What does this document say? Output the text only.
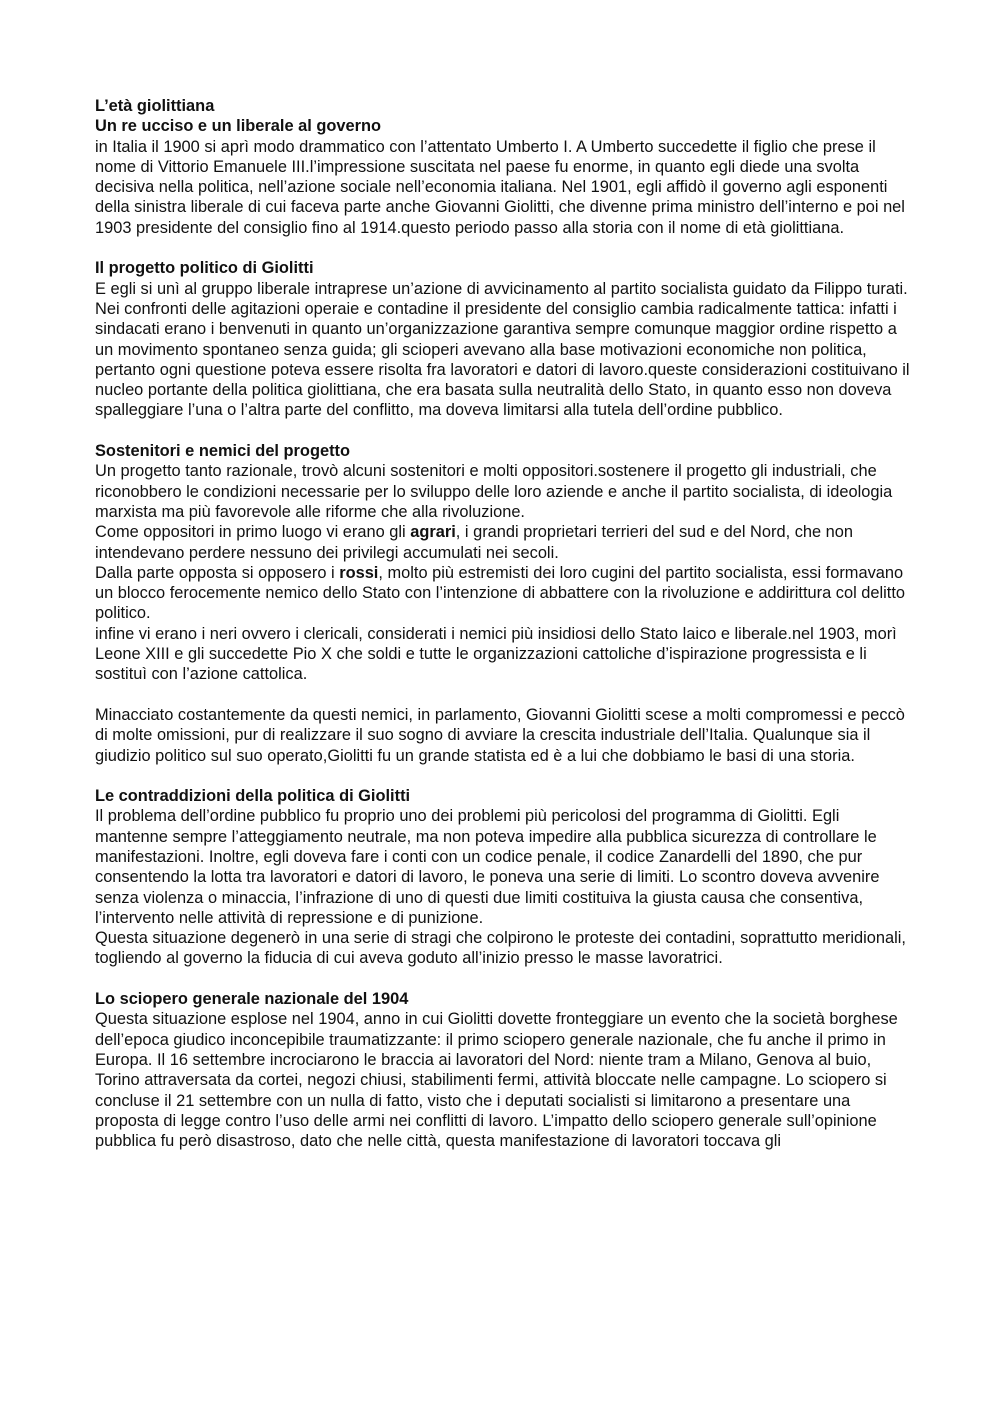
L’età giolittiana

Un re ucciso e un liberale al governo

in Italia il 1900 si aprì modo drammatico con l’attentato Umberto I. A Umberto succedette il figlio che prese il nome di Vittorio Emanuele III.l’impressione suscitata nel paese fu enorme, in quanto egli diede una svolta decisiva nella politica, nell’azione sociale nell’economia italiana. Nel 1901, egli affidò il governo agli esponenti della sinistra liberale di cui faceva parte anche Giovanni Giolitti, che divenne prima ministro dell’interno e poi nel 1903 presidente del consiglio fino al 1914.questo periodo passo alla storia con il nome di età giolittiana.

Il progetto politico di Giolitti

E egli si unì al gruppo liberale intraprese un’azione di avvicinamento al partito socialista guidato da Filippo turati. Nei confronti delle agitazioni operaie e contadine il presidente del consiglio cambia radicalmente tattica: infatti i sindacati erano i benvenuti in quanto un’organizzazione garantiva sempre comunque maggior ordine rispetto a un movimento spontaneo senza guida; gli scioperi avevano alla base motivazioni economiche non politica, pertanto ogni questione poteva essere risolta fra lavoratori e datori di lavoro.queste considerazioni costituivano il nucleo portante della politica giolittiana, che era basata sulla neutralità dello Stato, in quanto esso non doveva spalleggiare l’una o l’altra parte del conflitto, ma doveva limitarsi alla tutela dell’ordine pubblico.

Sostenitori e nemici del progetto

Un progetto tanto razionale, trovò alcuni sostenitori e molti oppositori.sostenere il progetto gli industriali, che riconobbero le condizioni necessarie per lo sviluppo delle loro aziende e anche il partito socialista, di ideologia marxista ma più favorevole alle riforme che alla rivoluzione.

Come oppositori in primo luogo vi erano gli agrari, i grandi proprietari terrieri del sud e del Nord, che non intendevano perdere nessuno dei privilegi accumulati nei secoli.

Dalla parte opposta si opposero i rossi, molto più estremisti dei loro cugini del partito socialista, essi formavano un blocco ferocemente nemico dello Stato con l’intenzione di abbattere con la rivoluzione e addirittura col delitto politico.

infine vi erano i neri ovvero i clericali, considerati i nemici più insidiosi dello Stato laico e liberale.nel 1903, morì Leone XIII e gli succedette Pio X che soldi e tutte le organizzazioni cattoliche d’ispirazione progressista e li sostituì con l’azione cattolica.

Minacciato costantemente da questi nemici, in parlamento, Giovanni Giolitti scese a molti compromessi e peccò di molte omissioni, pur di realizzare il suo sogno di avviare la crescita industriale dell’Italia. Qualunque sia il giudizio politico sul suo operato,Giolitti fu un grande statista ed è a lui che dobbiamo le basi di una storia.

Le contraddizioni della politica di Giolitti

Il problema dell’ordine pubblico fu proprio uno dei problemi più pericolosi del programma di Giolitti. Egli mantenne sempre l’atteggiamento neutrale, ma non poteva impedire alla pubblica sicurezza di controllare le manifestazioni. Inoltre, egli doveva fare i conti con un codice penale, il codice Zanardelli del 1890, che pur consentendo la lotta tra lavoratori e datori di lavoro, le poneva una serie di limiti. Lo scontro doveva avvenire senza violenza o minaccia, l’infrazione di uno di questi due limiti costituiva la giusta causa che consentiva, l’intervento nelle attività di repressione e di punizione.

Questa situazione degenerò in una serie di stragi che colpirono le proteste dei contadini, soprattutto meridionali, togliendo al governo la fiducia di cui aveva goduto all’inizio presso le masse lavoratrici.

Lo sciopero generale nazionale del 1904

Questa situazione esplose nel 1904, anno in cui Giolitti dovette fronteggiare un evento che la società borghese dell’epoca giudico inconcepibile traumatizzante: il primo sciopero generale nazionale, che fu anche il primo in Europa. Il 16 settembre incrociarono le braccia ai lavoratori del Nord: niente tram a Milano, Genova al buio, Torino attraversata da cortei, negozi chiusi, stabilimenti fermi, attività bloccate nelle campagne. Lo sciopero si concluse il 21 settembre con un nulla di fatto, visto che i deputati socialisti si limitarono a presentare una proposta di legge contro l’uso delle armi nei conflitti di lavoro. L’impatto dello sciopero generale sull’opinione pubblica fu però disastroso, dato che nelle città, questa manifestazione di lavoratori toccava gli
